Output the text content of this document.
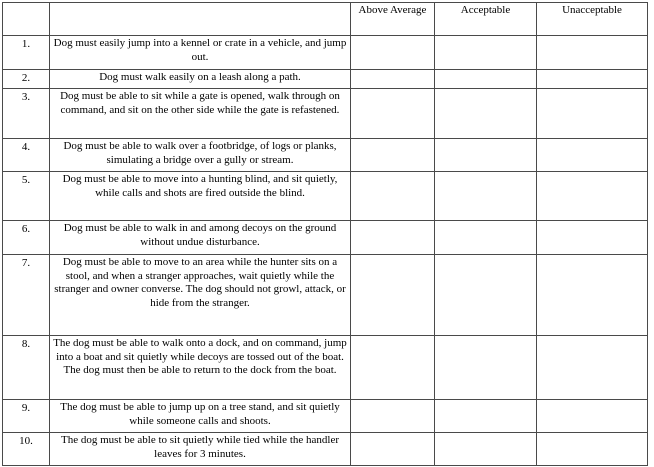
		Above Average	Acceptable	Unacceptable
1.	Dog must easily jump into a kennel or crate in a vehicle, and jump out.			
2.	Dog must walk easily on a leash along a path.			
3.	Dog must be able to sit while a gate is opened, walk through on command, and sit on the other side while the gate is refastened.			
4.	Dog must be able to walk over a footbridge, of logs or planks, simulating a bridge over a gully or stream.			
5.	Dog must be able to move into a hunting blind, and sit quietly, while calls and shots are fired outside the blind.			
6.	Dog must be able to walk in and among decoys on the ground without undue disturbance.			
7.	Dog must be able to move to an area while the hunter sits on a stool, and when a stranger approaches, wait quietly while the stranger and owner converse. The dog should not growl, attack, or hide from the stranger.			
8.	The dog must be able to walk onto a dock, and on command, jump into a boat and sit quietly while decoys are tossed out of the boat. The dog must then be able to return to the dock from the boat.			
9.	The dog must be able to jump up on a tree stand, and sit quietly while someone calls and shoots.			
10.	The dog must be able to sit quietly while tied while the handler leaves for 3 minutes.			
